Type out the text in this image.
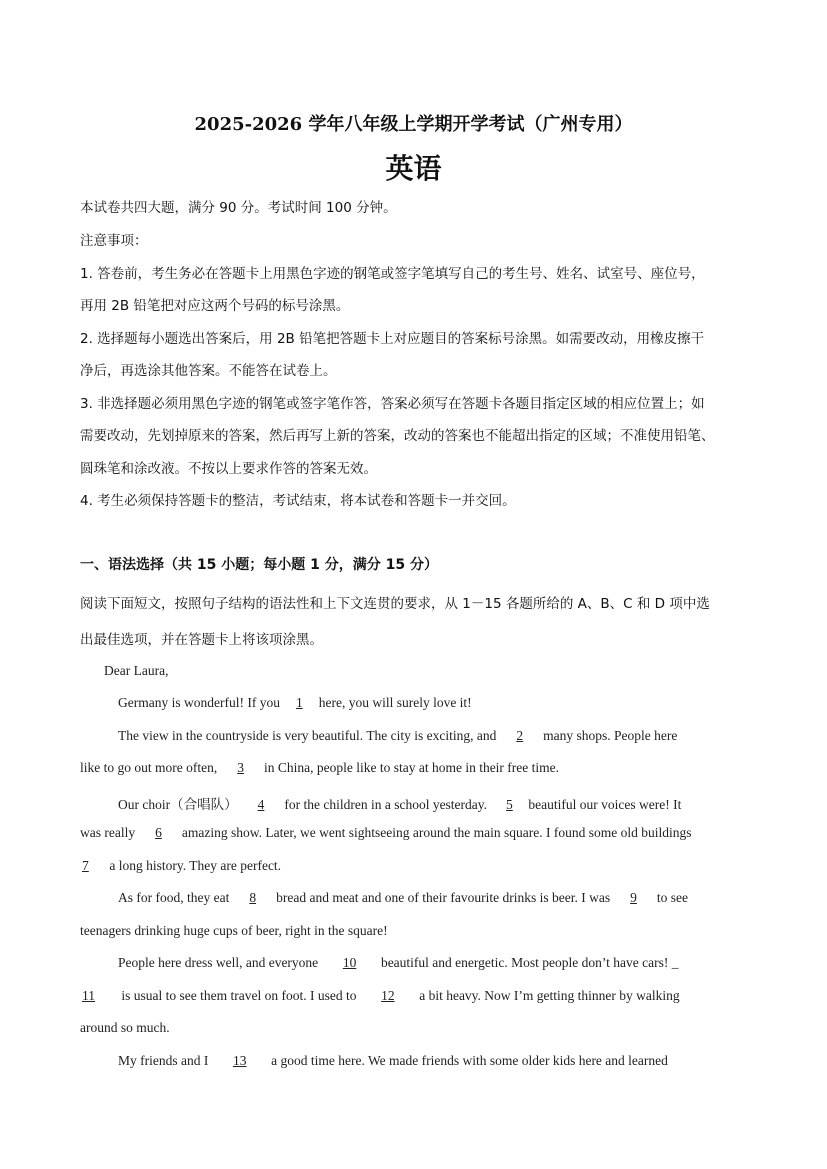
2025-2026 学年八年级上学期开学考试（广州专用）
英语
本试卷共四大题，满分 90 分。考试时间 100 分钟。
注意事项：
1. 答卷前，考生务必在答题卡上用黑色字迹的钢笔或签字笔填写自己的考生号、姓名、试室号、座位号，
再用 2B 铅笔把对应这两个号码的标号涂黑。
2. 选择题每小题选出答案后，用 2B 铅笔把答题卡上对应题目的答案标号涂黑。如需要改动，用橡皮擦干
净后，再选涂其他答案。不能答在试卷上。
3. 非选择题必须用黑色字迹的钢笔或签字笔作答，答案必须写在答题卡各题目指定区域的相应位置上；如
需要改动，先划掉原来的答案，然后再写上新的答案，改动的答案也不能超出指定的区域；不准使用铅笔、
圆珠笔和涂改液。不按以上要求作答的答案无效。
4. 考生必须保持答题卡的整洁，考试结束，将本试卷和答题卡一并交回。
一、语法选择（共 15 小题；每小题 1 分，满分 15 分）
阅读下面短文，按照句子结构的语法性和上下文连贯的要求，从 1－15 各题所给的 A、B、C 和 D 项中选
出最佳选项，并在答题卡上将该项涂黑。
Dear Laura,
Germany is wonderful! If you 1 here, you will surely love it!
The view in the countryside is very beautiful. The city is exciting, and 2 many shops. People here
like to go out more often, 3 in China, people like to stay at home in their free time.
Our choir（合唱队） 4 for the children in a school yesterday. 5 beautiful our voices were! It
was really 6 amazing show. Later, we went sightseeing around the main square. I found some old buildings
7 a long history. They are perfect.
As for food, they eat 8 bread and meat and one of their favourite drinks is beer. I was 9 to see
teenagers drinking huge cups of beer, right in the square!
People here dress well, and everyone 10 beautiful and energetic. Most people don’t have cars! _
11 is usual to see them travel on foot. I used to 12 a bit heavy. Now I’m getting thinner by walking
around so much.
My friends and I 13 a good time here. We made friends with some older kids here and learned
